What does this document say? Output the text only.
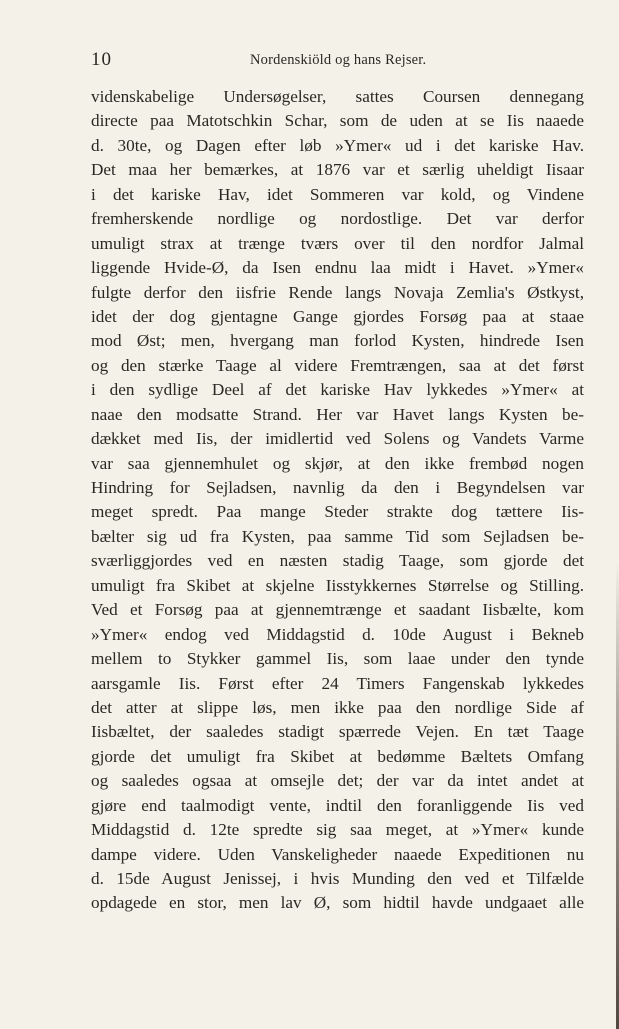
10	Nordenskiöld og hans Rejser.
videnskabelige Undersøgelser, sattes Coursen dennegang
directe paa Matotschkin Schar, som de uden at se Iis naaede
d. 30te, og Dagen efter løb »Ymer« ud i det kariske Hav.
Det maa her bemærkes, at 1876 var et særlig uheldigt Iisaar
i det kariske Hav, idet Sommeren var kold, og Vindene
fremherskende nordlige og nordostlige. Det var derfor
umuligt strax at trænge tværs over til den nordfor Jalmal
liggende Hvide-Ø, da Isen endnu laa midt i Havet. »Ymer«
fulgte derfor den iisfrie Rende langs Novaja Zemlia's Østkyst,
idet der dog gjentagne Gange gjordes Forsøg paa at staae
mod Øst; men, hvergang man forlod Kysten, hindrede Isen
og den stærke Taage al videre Fremtrængen, saa at det først
i den sydlige Deel af det kariske Hav lykkedes »Ymer« at
naae den modsatte Strand. Her var Havet langs Kysten be-
dækket med Iis, der imidlertid ved Solens og Vandets Varme
var saa gjennemhulet og skjør, at den ikke frembød nogen
Hindring for Sejladsen, navnlig da den i Begyndelsen var
meget spredt. Paa mange Steder strakte dog tættere Iis-
bælter sig ud fra Kysten, paa samme Tid som Sejladsen be-
sværliggjordes ved en næsten stadig Taage, som gjorde det
umuligt fra Skibet at skjelne Iisstykkernes Størrelse og Stilling.
Ved et Forsøg paa at gjennemtrænge et saadant Iisbælte, kom
»Ymer« endog ved Middagstid d. 10de August i Bekneb
mellem to Stykker gammel Iis, som laae under den tynde
aarsgamle Iis. Først efter 24 Timers Fangenskab lykkedes
det atter at slippe løs, men ikke paa den nordlige Side af
Iisbæltet, der saaledes stadigt spærrede Vejen. En tæt Taage
gjorde det umuligt fra Skibet at bedømme Bæltets Omfang
og saaledes ogsaa at omsejle det; der var da intet andet at
gjøre end taalmodigt vente, indtil den foranliggende Iis ved
Middagstid d. 12te spredte sig saa meget, at »Ymer« kunde
dampe videre. Uden Vanskeligheder naaede Expeditionen nu
d. 15de August Jenissej, i hvis Munding den ved et Tilfælde
opdagede en stor, men lav Ø, som hidtil havde undgaaet alle
